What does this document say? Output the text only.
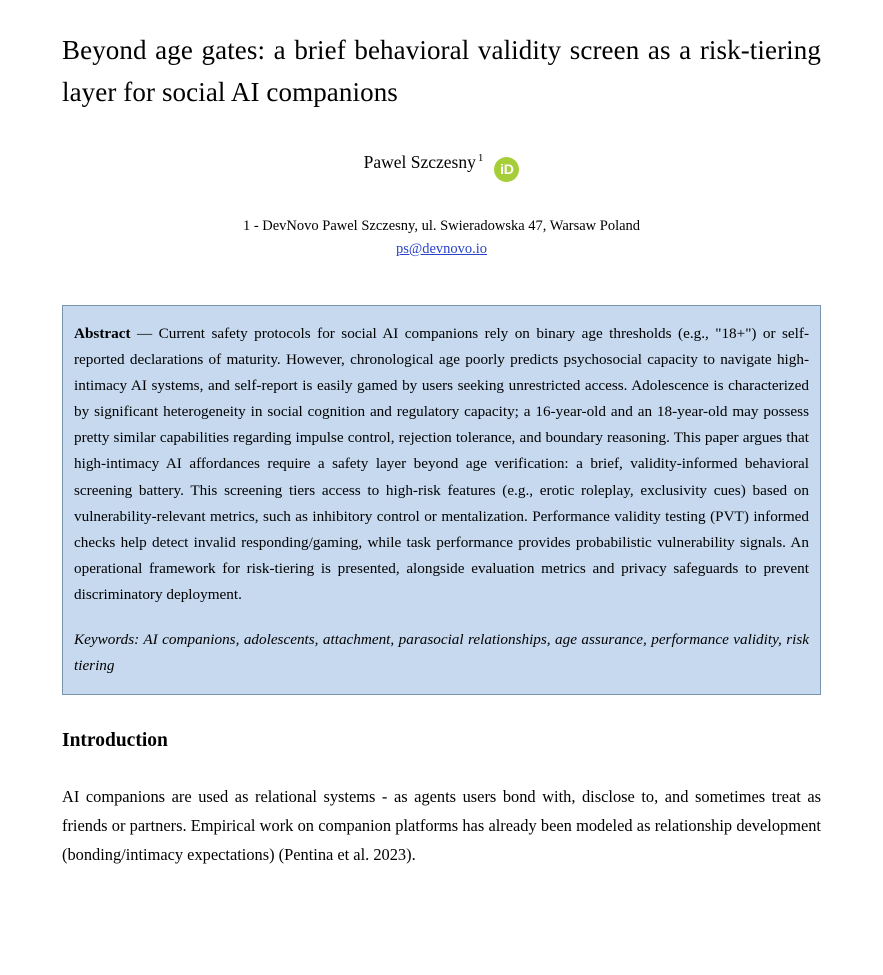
Beyond age gates: a brief behavioral validity screen as a risk-tiering layer for social AI companions
Pawel Szczesny $^1$iD
1 - DevNovo Pawel Szczesny, ul. Swieradowska 47, Warsaw Poland
ps@devnovo.io

Abstract — Current safety protocols for social AI companions rely on binary age thresholds (e.g., "18+") or self-reported declarations of maturity. However, chronological age poorly predicts psychosocial capacity to navigate high-intimacy AI systems, and self-report is easily gamed by users seeking unrestricted access. Adolescence is characterized by significant heterogeneity in social cognition and regulatory capacity; a 16-year-old and an 18-year-old may possess pretty similar capabilities regarding impulse control, rejection tolerance, and boundary reasoning. This paper argues that high-intimacy AI affordances require a safety layer beyond age verification: a brief, validity-informed behavioral screening battery. This screening tiers access to high-risk features (e.g., erotic roleplay, exclusivity cues) based on vulnerability-relevant metrics, such as inhibitory control or mentalization. Performance validity testing (PVT) informed checks help detect invalid responding/gaming, while task performance provides probabilistic vulnerability signals. An operational framework for risk-tiering is presented, alongside evaluation metrics and privacy safeguards to prevent discriminatory deployment.

Keywords: AI companions, adolescents, attachment, parasocial relationships, age assurance, performance validity, risk tiering

Introduction

AI companions are used as relational systems - as agents users bond with, disclose to, and sometimes treat as friends or partners. Empirical work on companion platforms has already been modeled as relationship development (bonding/intimacy expectations) (Pentina et al. 2023).
